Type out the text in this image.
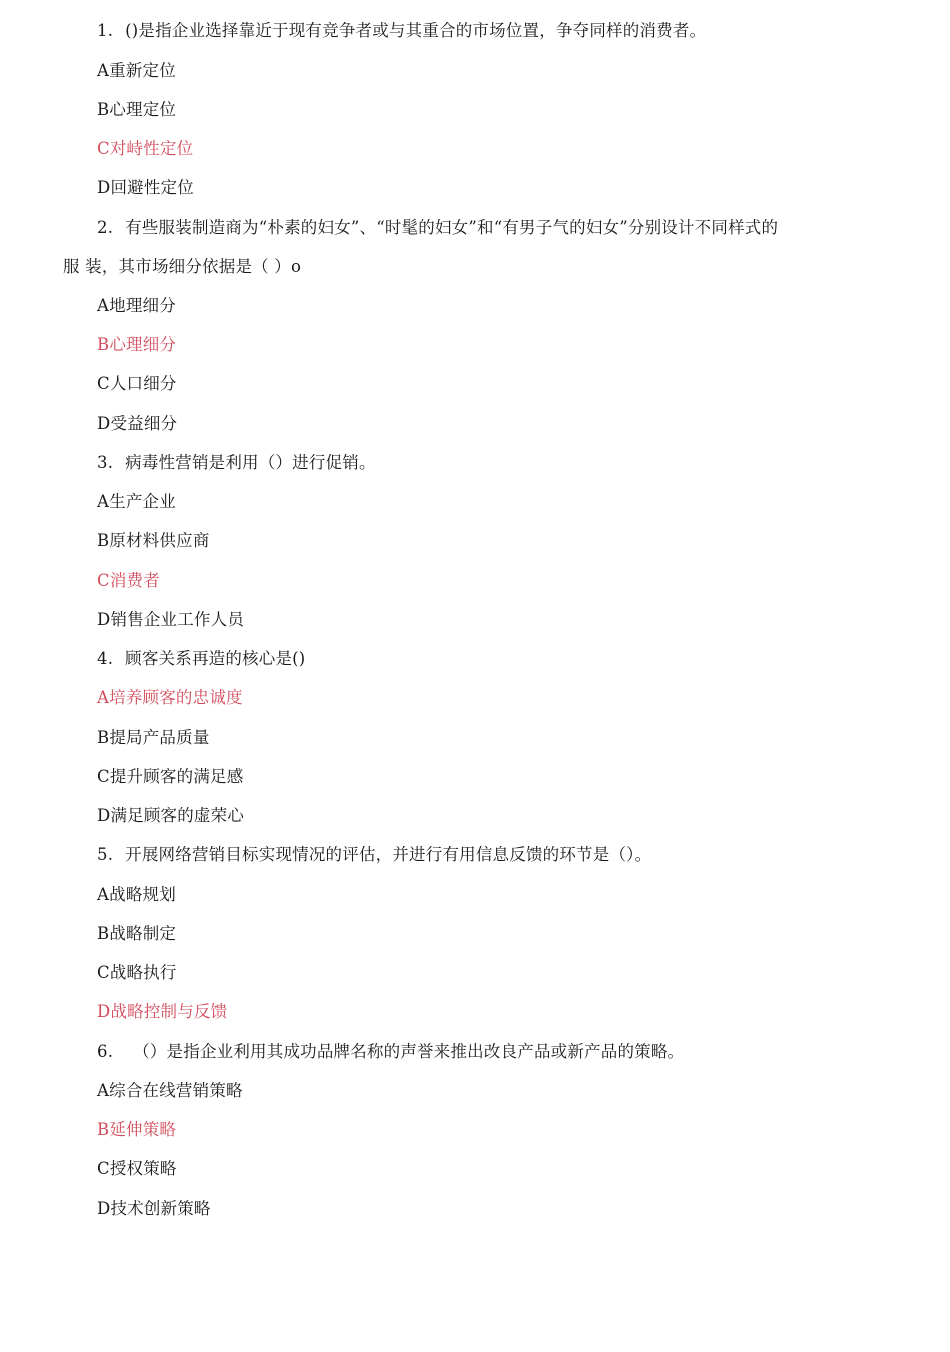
1. ()是指企业选择靠近于现有竞争者或与其重合的市场位置，争夺同样的消费者。
A重新定位
B心理定位
C对峙性定位
D回避性定位
2. 有些服装制造商为“朴素的妇女”、“时髦的妇女”和“有男子气的妇女”分别设计不同样式的
服 装，其市场细分依据是（ ）o
A地理细分
B心理细分
C人口细分
D受益细分
3. 病毒性营销是利用（）进行促销。
A生产企业
B原材料供应商
C消费者
D销售企业工作人员
4. 顾客关系再造的核心是()
A培养顾客的忠诚度
B提局产品质量
C提升顾客的满足感
D满足顾客的虚荣心
5. 开展网络营销目标实现情况的评估，并进行有用信息反馈的环节是（）。
A战略规划
B战略制定
C战略执行
D战略控制与反馈
6. （）是指企业利用其成功品牌名称的声誉来推出改良产品或新产品的策略。
A综合在线营销策略
B延伸策略
C授权策略
D技术创新策略
